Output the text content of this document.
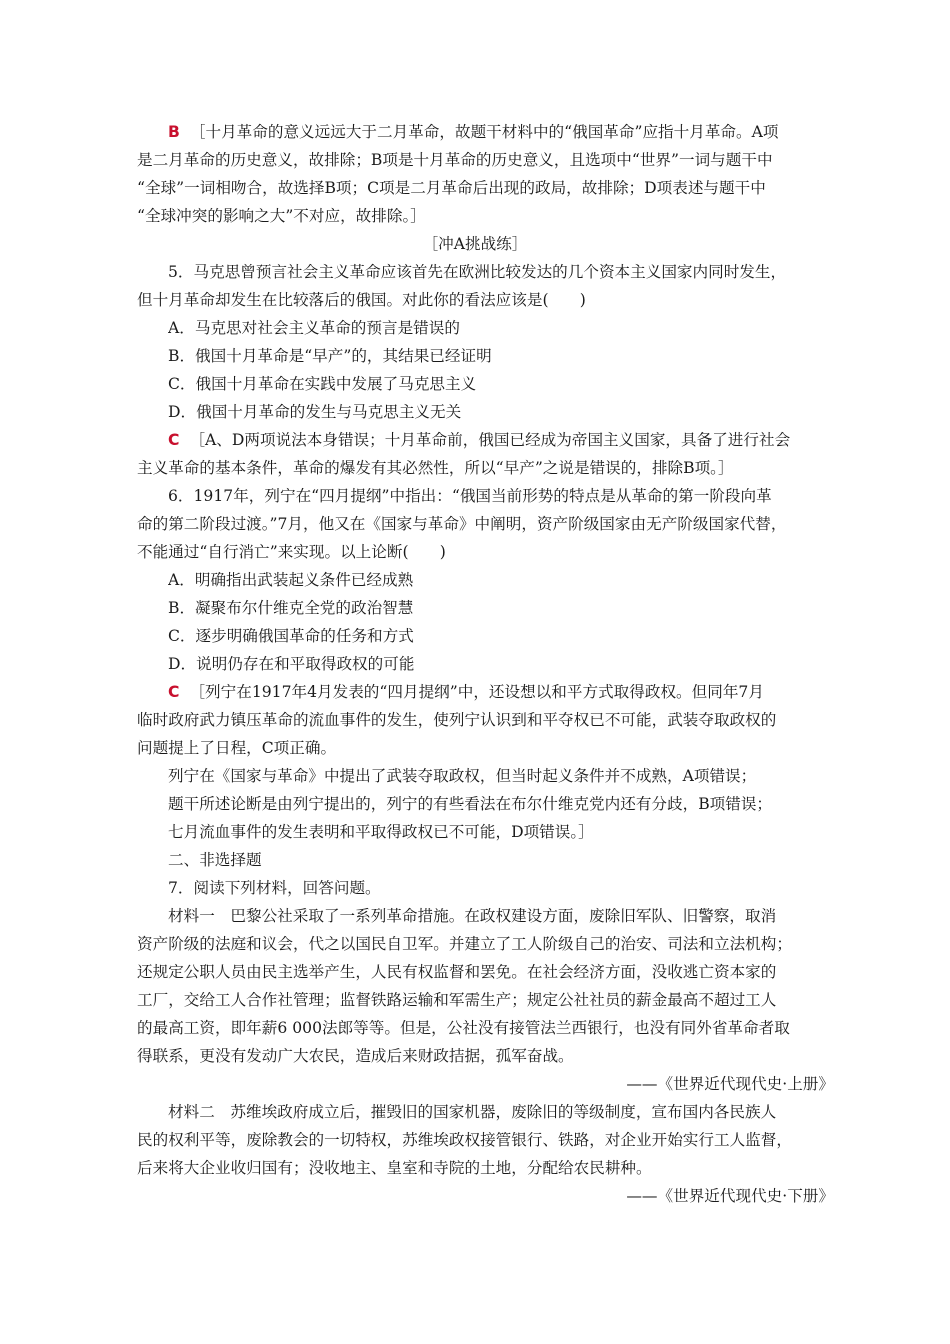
B ［十月革命的意义远远大于二月革命，故题干材料中的“俄国革命”应指十月革命。A项
是二月革命的历史意义，故排除；B项是十月革命的历史意义，且选项中“世界”一词与题干中
“全球”一词相吻合，故选择B项；C项是二月革命后出现的政局，故排除；D项表述与题干中
“全球冲突的影响之大”不对应，故排除。］
［冲A挑战练］
5．马克思曾预言社会主义革命应该首先在欧洲比较发达的几个资本主义国家内同时发生，
但十月革命却发生在比较落后的俄国。对此你的看法应该是(　　)
A．马克思对社会主义革命的预言是错误的
B．俄国十月革命是“早产”的，其结果已经证明
C．俄国十月革命在实践中发展了马克思主义
D．俄国十月革命的发生与马克思主义无关
C ［A、D两项说法本身错误；十月革命前，俄国已经成为帝国主义国家，具备了进行社会
主义革命的基本条件，革命的爆发有其必然性，所以“早产”之说是错误的，排除B项。］
6．1917年，列宁在“四月提纲”中指出：“俄国当前形势的特点是从革命的第一阶段向革
命的第二阶段过渡。”7月，他又在《国家与革命》中阐明，资产阶级国家由无产阶级国家代替，
不能通过“自行消亡”来实现。以上论断(　　)
A．明确指出武装起义条件已经成熟
B．凝聚布尔什维克全党的政治智慧
C．逐步明确俄国革命的任务和方式
D．说明仍存在和平取得政权的可能
C ［列宁在1917年4月发表的“四月提纲”中，还设想以和平方式取得政权。但同年7月
临时政府武力镇压革命的流血事件的发生，使列宁认识到和平夺权已不可能，武装夺取政权的
问题提上了日程，C项正确。
列宁在《国家与革命》中提出了武装夺取政权，但当时起义条件并不成熟，A项错误；
题干所述论断是由列宁提出的，列宁的有些看法在布尔什维克党内还有分歧，B项错误；
七月流血事件的发生表明和平取得政权已不可能，D项错误。］
二、非选择题
7．阅读下列材料，回答问题。
材料一　巴黎公社采取了一系列革命措施。在政权建设方面，废除旧军队、旧警察，取消
资产阶级的法庭和议会，代之以国民自卫军。并建立了工人阶级自己的治安、司法和立法机构；
还规定公职人员由民主选举产生，人民有权监督和罢免。在社会经济方面，没收逃亡资本家的
工厂，交给工人合作社管理；监督铁路运输和军需生产；规定公社社员的薪金最高不超过工人
的最高工资，即年薪6 000法郎等等。但是，公社没有接管法兰西银行，也没有同外省革命者取
得联系，更没有发动广大农民，造成后来财政拮据，孤军奋战。
——《世界近代现代史·上册》
材料二　苏维埃政府成立后，摧毁旧的国家机器，废除旧的等级制度，宣布国内各民族人
民的权利平等，废除教会的一切特权，苏维埃政权接管银行、铁路，对企业开始实行工人监督，
后来将大企业收归国有；没收地主、皇室和寺院的土地，分配给农民耕种。
——《世界近代现代史·下册》
